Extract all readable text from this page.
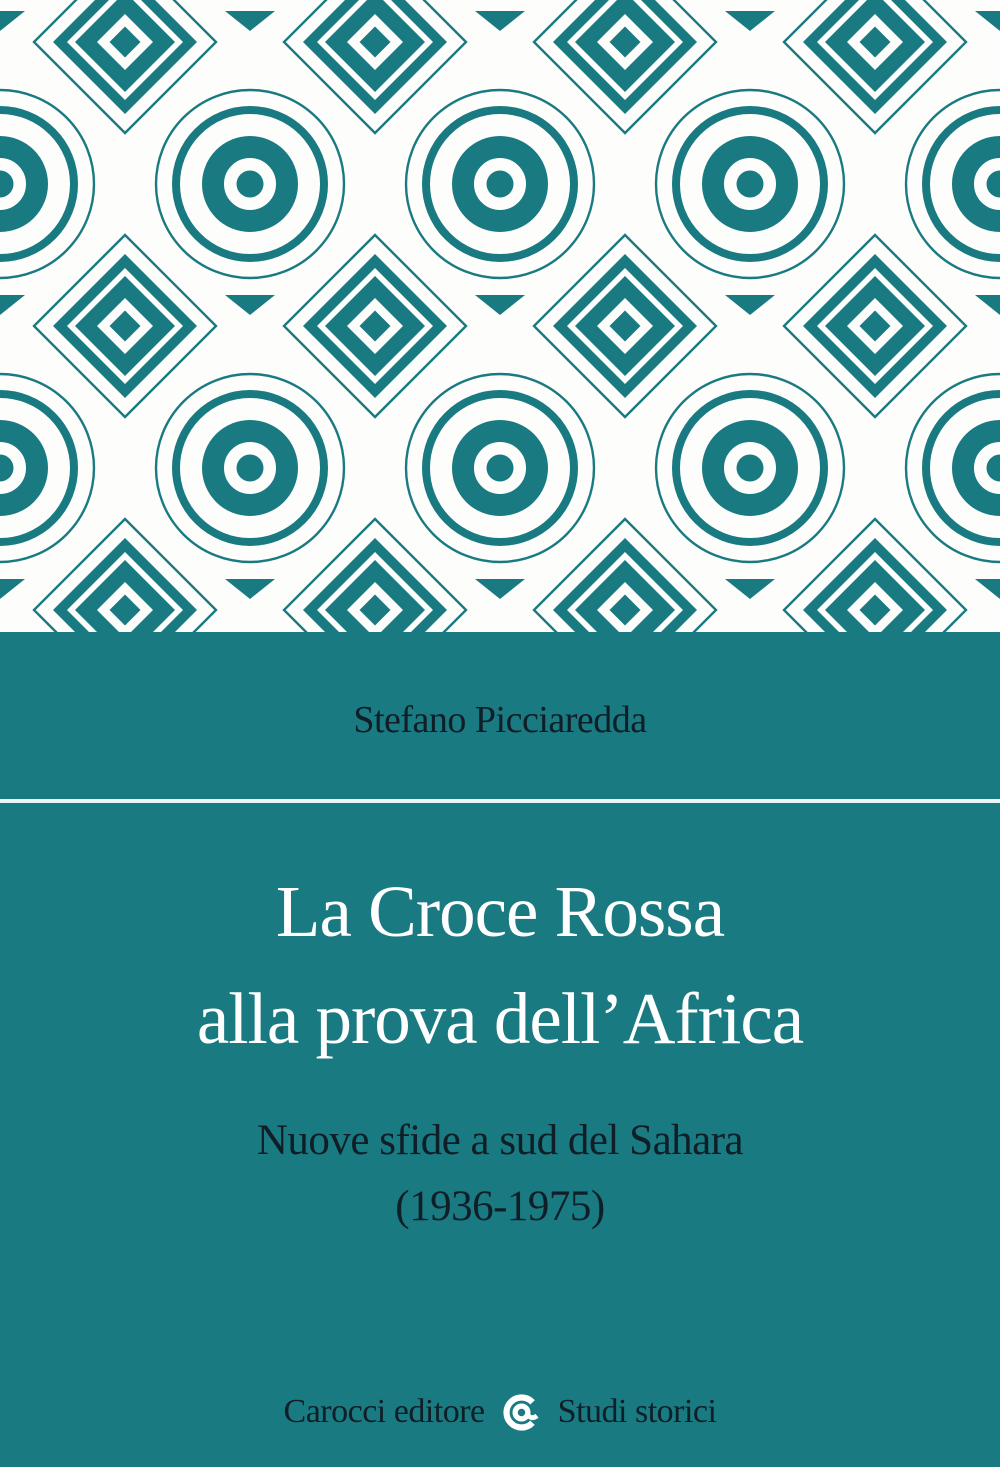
Stefano Picciaredda
La Croce Rossa
alla prova dell’Africa
Nuove sfide a sud del Sahara
(1936-1975)
Carocci editore Studi storici
